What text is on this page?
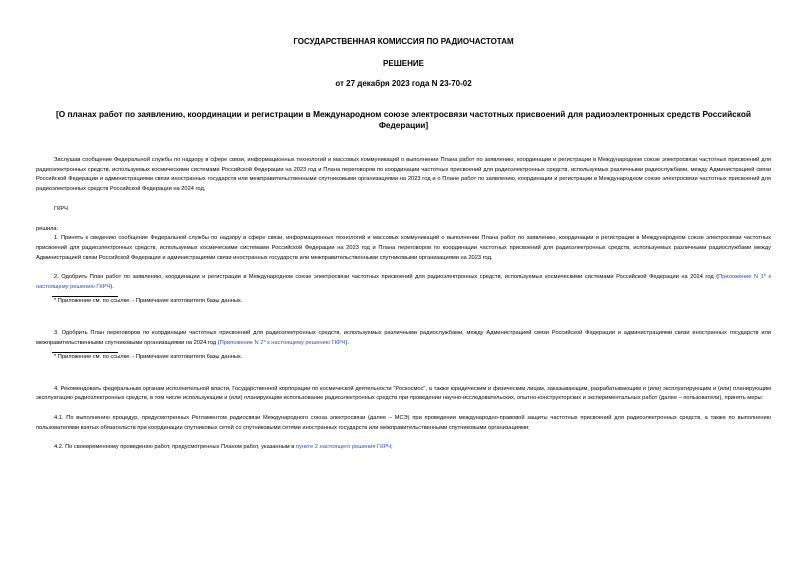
ГОСУДАРСТВЕННАЯ КОМИССИЯ ПО РАДИОЧАСТОТАМ
РЕШЕНИЕ
от 27 декабря 2023 года N 23-70-02
[О планах работ по заявлению, координации и регистрации в Международном союзе электросвязи частотных присвоений для радиоэлектронных средств Российской Федерации]

Заслушав сообщение Федеральной службы по надзору в сфере связи, информационных технологий и массовых коммуникаций о выполнении Плана работ по заявлению, координации и регистрации в Международном союзе электросвязи частотных присвоений для радиоэлектронных средств, используемых космическими системами Российской Федерации на 2023 год и Плана переговоров по координации частотных присвоений для радиоэлектронных средств, используемых различными радиослужбами, между Администрацией связи Российской Федерации и администрациями связи иностранных государств или межправительственными спутниковыми организациями на 2023 год и о Плане работ по заявлению, координации и регистрации в Международном союзе электросвязи частотных присвоений для радиоэлектронных средств Российской Федерации на 2024 год,

ГКРЧ

решила:

1. Принять к сведению сообщение Федеральной службы по надзору в сфере связи, информационных технологий и массовых коммуникаций о выполнении Плана работ по заявлению, координации и регистрации в Международном союзе электросвязи частотных присвоений для радиоэлектронных средств, используемых космическими системами Российской Федерации на 2023 год и Плана переговоров по координации частотных присвоений для радиоэлектронных средств, используемых различными радиослужбами между Администрацией связи Российской Федерации и администрациями связи иностранных государств или межправительственными спутниковыми организациями на 2023 год.

2. Одобрить План работ по заявлению, координации и регистрации в Международном союзе электросвязи частотных присвоений для радиоэлектронных средств, используемых космическими системами Российской Федерации на 2024 год (Приложение N 1* к настоящему решению ГКРЧ).

* Приложение см. по ссылке. - Примечание изготовителя базы данных.

3. Одобрить План переговоров по координации частотных присвоений для радиоэлектронных средств, используемых различными радиослужбами, между Администрацией связи Российской Федерации и администрациями связи иностранных государств или межправительственными спутниковыми организациями на 2024 год (Приложение N 2* к настоящему решению ГКРЧ).

* Приложение см. по ссылке. - Примечание изготовителя базы данных.

4. Рекомендовать федеральным органам исполнительной власти, Государственной корпорации по космической деятельности "Роскосмос", а также юридическим и физическим лицам, заказывающим, разрабатывающим и (или) эксплуатирующим и (или) планирующим эксплуатацию радиоэлектронных средств, в том числе использующим и (или) планирующим использование радиоэлектронных средств при проведении научно-исследовательских, опытно-конструкторских и экспериментальных работ (далее – пользователи), принять меры:

4.1. По выполнению процедур, предусмотренных Регламентом радиосвязи Международного союза электросвязи (далее – МСЭ) при проведении международно-правовой защиты частотных присвоений для радиоэлектронных средств, а также по выполнению пользователями взятых обязательств при координации спутниковых сетей со спутниковыми сетями иностранных государств или межправительственными спутниковыми организациями;

4.2. По своевременному проведению работ, предусмотренных Планом работ, указанным в пункте 2 настоящего решения ГКРЧ;
